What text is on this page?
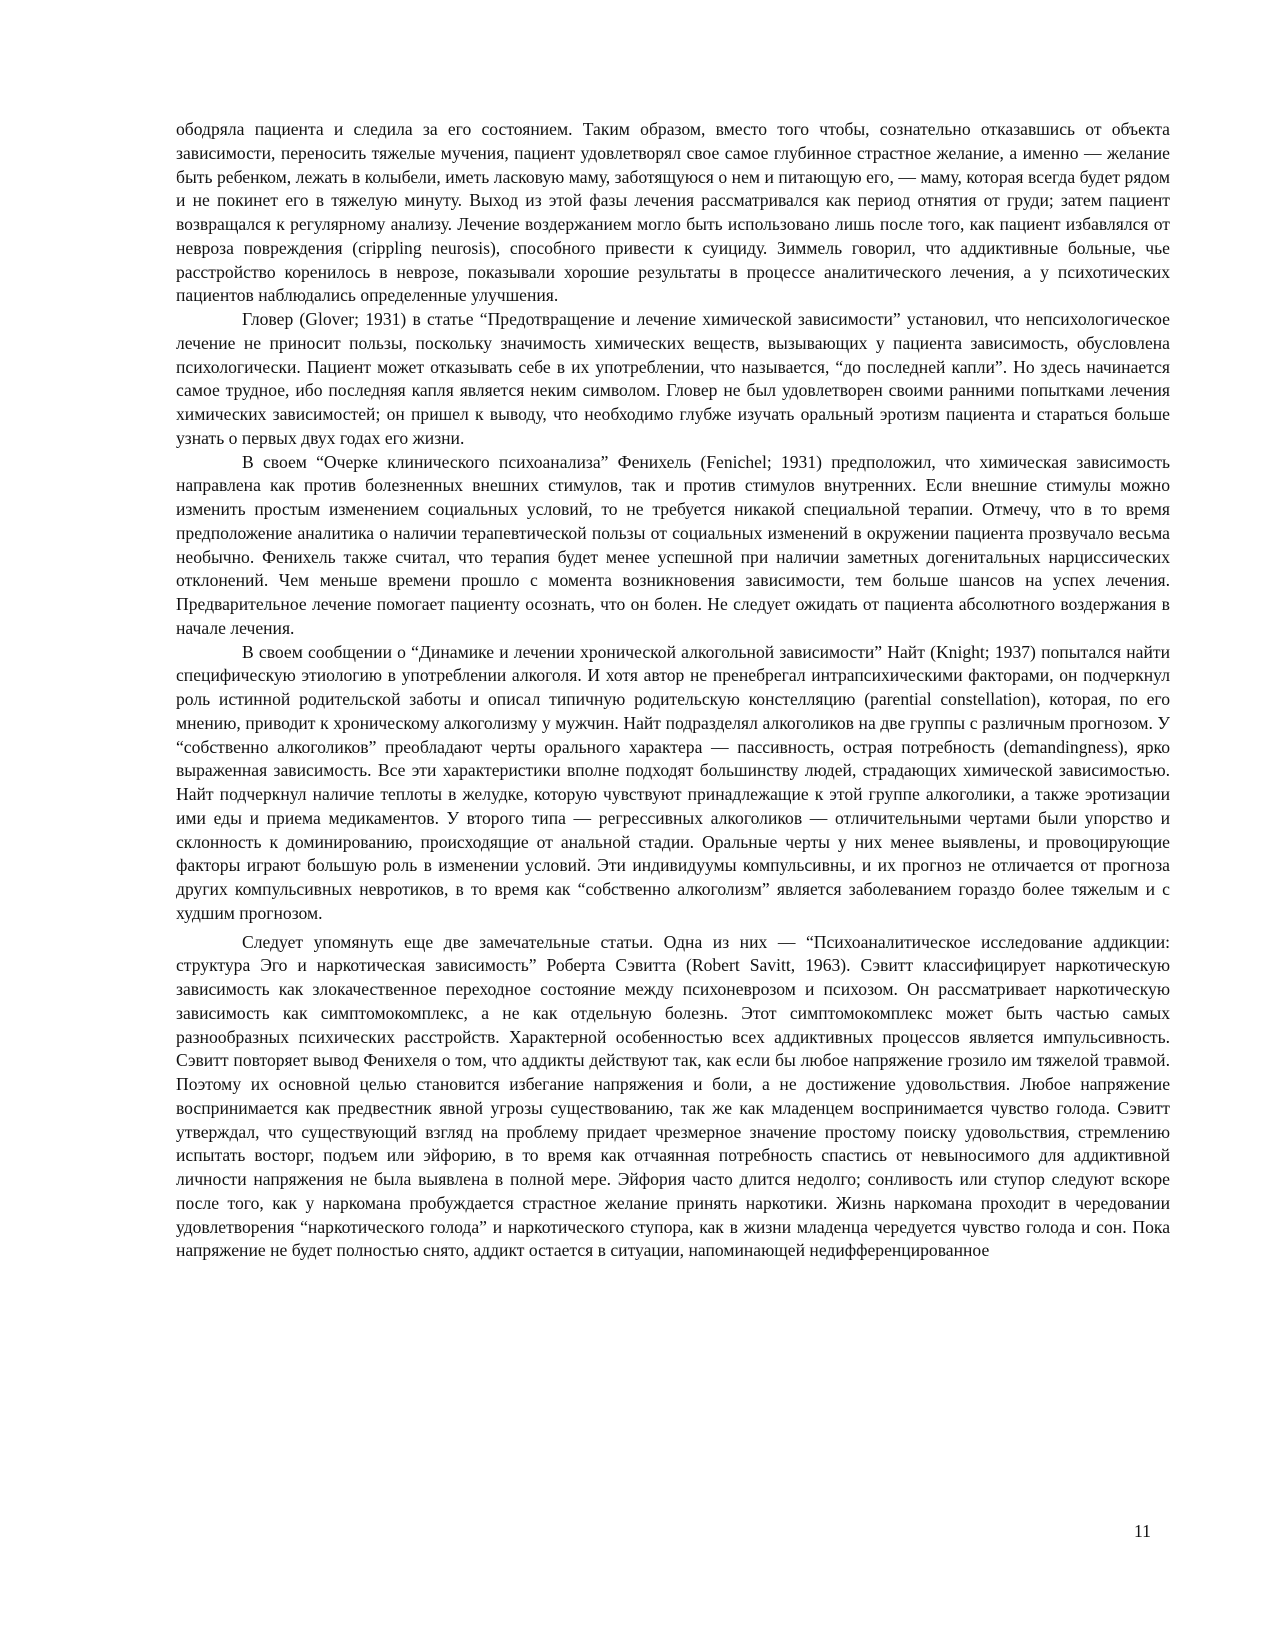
ободряла пациента и следила за его состоянием. Таким образом, вместо того чтобы, сознательно отказавшись от объекта зависимости, переносить тяжелые мучения, пациент удовлетворял свое самое глубинное страстное желание, а именно — желание быть ребенком, лежать в колыбели, иметь ласковую маму, заботящуюся о нем и питающую его, — маму, которая всегда будет рядом и не покинет его в тяжелую минуту. Выход из этой фазы лечения рассматривался как период отнятия от груди; затем пациент возвращался к регулярному анализу. Лечение воздержанием могло быть использовано лишь после того, как пациент избавлялся от невроза повреждения (crippling neurosis), способного привести к суициду. Зиммель говорил, что аддиктивные больные, чье расстройство коренилось в неврозе, показывали хорошие результаты в процессе аналитического лечения, а у психотических пациентов наблюдались определенные улучшения.

Гловер (Glover; 1931) в статье “Предотвращение и лечение химической зависимости” установил, что непсихологическое лечение не приносит пользы, поскольку значимость химических веществ, вызывающих у пациента зависимость, обусловлена психологически. Пациент может отказывать себе в их употреблении, что называется, “до последней капли”. Но здесь начинается самое трудное, ибо последняя капля является неким символом. Гловер не был удовлетворен своими ранними попытками лечения химических зависимостей; он пришел к выводу, что необходимо глубже изучать оральный эротизм пациента и стараться больше узнать о первых двух годах его жизни.

В своем “Очерке клинического психоанализа” Фенихель (Fenichel; 1931) предположил, что химическая зависимость направлена как против болезненных внешних стимулов, так и против стимулов внутренних. Если внешние стимулы можно изменить простым изменением социальных условий, то не требуется никакой специальной терапии. Отмечу, что в то время предположение аналитика о наличии терапевтической пользы от социальных изменений в окружении пациента прозвучало весьма необычно. Фенихель также считал, что терапия будет менее успешной при наличии заметных догенитальных нарциссических отклонений. Чем меньше времени прошло с момента возникновения зависимости, тем больше шансов на успех лечения. Предварительное лечение помогает пациенту осознать, что он болен. Не следует ожидать от пациента абсолютного воздержания в начале лечения.

В своем сообщении о “Динамике и лечении хронической алкогольной зависимости” Найт (Knight; 1937) попытался найти специфическую этиологию в употреблении алкоголя. И хотя автор не пренебрегал интрапсихическими факторами, он подчеркнул роль истинной родительской заботы и описал типичную родительскую констелляцию (parential constellation), которая, по его мнению, приводит к хроническому алкоголизму у мужчин. Найт подразделял алкоголиков на две группы с различным прогнозом. У “собственно алкоголиков” преобладают черты орального характера — пассивность, острая потребность (demandingness), ярко выраженная зависимость. Все эти характеристики вполне подходят большинству людей, страдающих химической зависимостью. Найт подчеркнул наличие теплоты в желудке, которую чувствуют принадлежащие к этой группе алкоголики, а также эротизации ими еды и приема медикаментов. У второго типа — регрессивных алкоголиков — отличительными чертами были упорство и склонность к доминированию, происходящие от анальной стадии. Оральные черты у них менее выявлены, и провоцирующие факторы играют большую роль в изменении условий. Эти индивидуумы компульсивны, и их прогноз не отличается от прогноза других компульсивных невротиков, в то время как “собственно алкоголизм” является заболеванием гораздо более тяжелым и с худшим прогнозом.

Следует упомянуть еще две замечательные статьи. Одна из них — “Психоаналитическое исследование аддикции: структура Эго и наркотическая зависимость” Роберта Сэвитта (Robert Savitt, 1963). Сэвитт классифицирует наркотическую зависимость как злокачественное переходное состояние между психоневрозом и психозом. Он рассматривает наркотическую зависимость как симптомокомплекс, а не как отдельную болезнь. Этот симптомокомплекс может быть частью самых разнообразных психических расстройств. Характерной особенностью всех аддиктивных процессов является импульсивность. Сэвитт повторяет вывод Фенихеля о том, что аддикты действуют так, как если бы любое напряжение грозило им тяжелой травмой. Поэтому их основной целью становится избегание напряжения и боли, а не достижение удовольствия. Любое напряжение воспринимается как предвестник явной угрозы существованию, так же как младенцем воспринимается чувство голода. Сэвитт утверждал, что существующий взгляд на проблему придает чрезмерное значение простому поиску удовольствия, стремлению испытать восторг, подъем или эйфорию, в то время как отчаянная потребность спастись от невыносимого для аддиктивной личности напряжения не была выявлена в полной мере. Эйфория часто длится недолго; сонливость или ступор следуют вскоре после того, как у наркомана пробуждается страстное желание принять наркотики. Жизнь наркомана проходит в чередовании удовлетворения “наркотического голода” и наркотического ступора, как в жизни младенца чередуется чувство голода и сон. Пока напряжение не будет полностью снято, аддикт остается в ситуации, напоминающей недифференцированное

11
